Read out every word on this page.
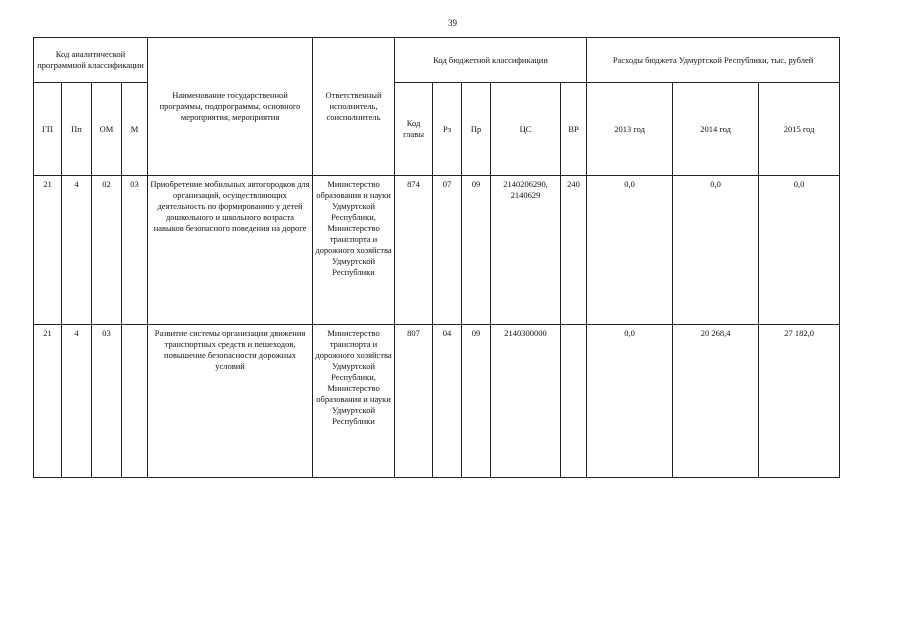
39
Код аналитической программной классификации				Наименование государственной программы, подпрограммы, основного мероприятия, мероприятия	Ответственный исполнитель, соисполнитель	Код бюджетной классификации					Расходы бюджета Удмуртской Республики, тыс. рублей		
ГП	Пп	ОМ	М			Код главы	Рз	Пр	ЦС	ВР	2013 год	2014 год	2015 год
21	4	02	03	Приобретение мобильных автогородков для организаций, осуществляющих деятельность по формированию у детей дошкольного и школьного возраста навыков безопасного поведения на дороге	Министерство образования и науки Удмуртской Республики, Министерство транспорта и дорожного хозяйства Удмуртской Республики	874	07	09	2140206290, 2140629	240	0,0	0,0	0,0
21	4	03		Развитие системы организации движения транспортных средств и пешеходов, повышение безопасности дорожных условий	Министерство транспорта и дорожного хозяйства Удмуртской Республики, Министерство образования и науки Удмуртской Республики	807	04	09	2140300000		0,0	20 268,4	27 182,0
